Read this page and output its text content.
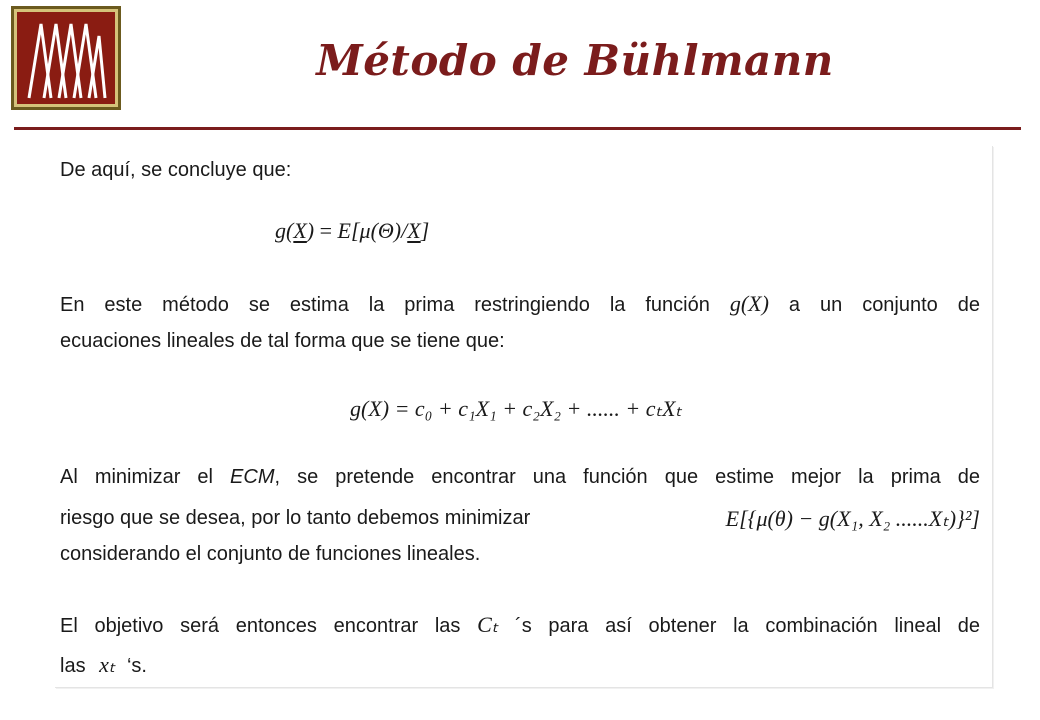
Método de Bühlmann
De aquí, se concluye que:
g(X) = E[μ(Θ)/X]
En este método se estima la prima restringiendo la función g(X) a un conjunto de
ecuaciones lineales de tal forma que se tiene que:
g(X) = c₀ + c₁X₁ + c₂X₂ + ...... + cₜXₜ
Al minimizar el ECM, se pretende encontrar una función que estime mejor la prima de
riesgo que se desea, por lo tanto debemos minimizar	E[{μ(θ) − g(X₁, X₂ ......Xₜ)}²]
considerando el conjunto de funciones lineales.
El objetivo será entonces encontrar las Cₜ ´s para así obtener la combinación lineal de
las xₜ ‘s.
